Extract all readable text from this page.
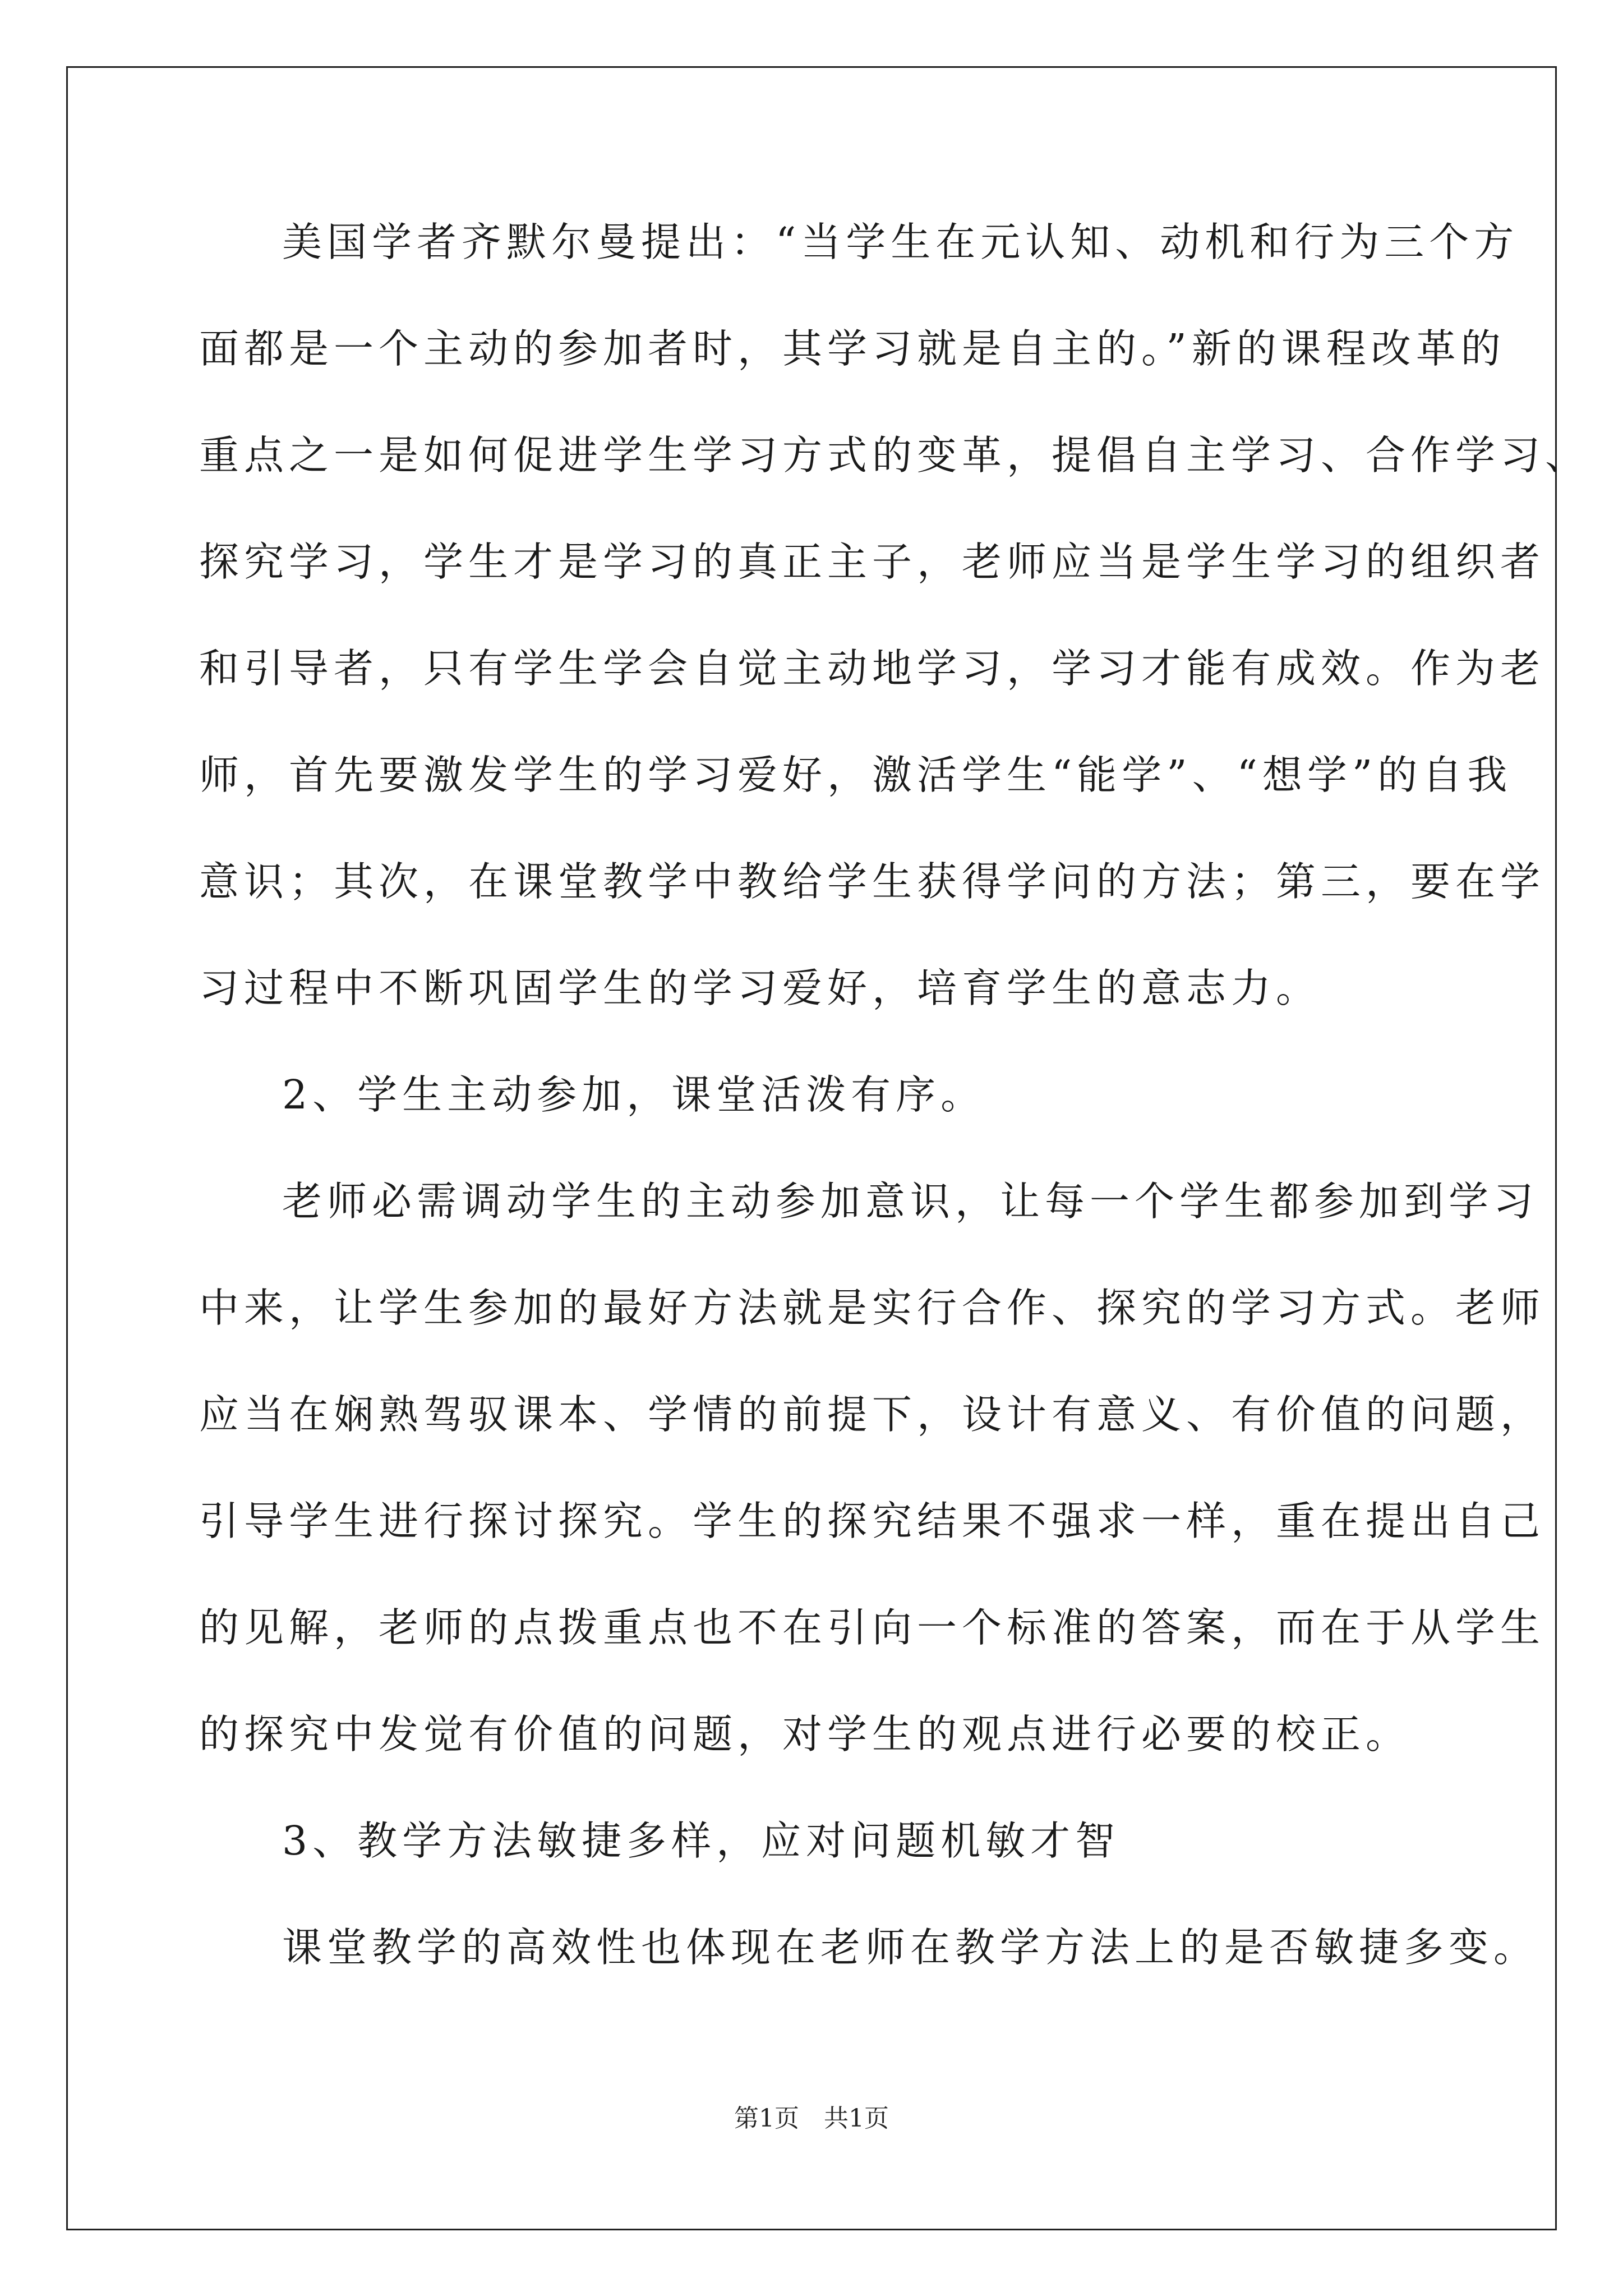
美国学者齐默尔曼提出：“当学生在元认知、动机和行为三个方
面都是一个主动的参加者时，其学习就是自主的。”新的课程改革的
重点之一是如何促进学生学习方式的变革，提倡自主学习、合作学习、
探究学习，学生才是学习的真正主子，老师应当是学生学习的组织者
和引导者，只有学生学会自觉主动地学习，学习才能有成效。作为老
师，首先要激发学生的学习爱好，激活学生“能学”、“想学”的自我
意识；其次，在课堂教学中教给学生获得学问的方法；第三，要在学
习过程中不断巩固学生的学习爱好，培育学生的意志力。
2、学生主动参加，课堂活泼有序。
老师必需调动学生的主动参加意识，让每一个学生都参加到学习
中来，让学生参加的最好方法就是实行合作、探究的学习方式。老师
应当在娴熟驾驭课本、学情的前提下，设计有意义、有价值的问题，
引导学生进行探讨探究。学生的探究结果不强求一样，重在提出自己
的见解，老师的点拨重点也不在引向一个标准的答案，而在于从学生
的探究中发觉有价值的问题，对学生的观点进行必要的校正。
3、教学方法敏捷多样，应对问题机敏才智
课堂教学的高效性也体现在老师在教学方法上的是否敏捷多变。
第1页　共1页
